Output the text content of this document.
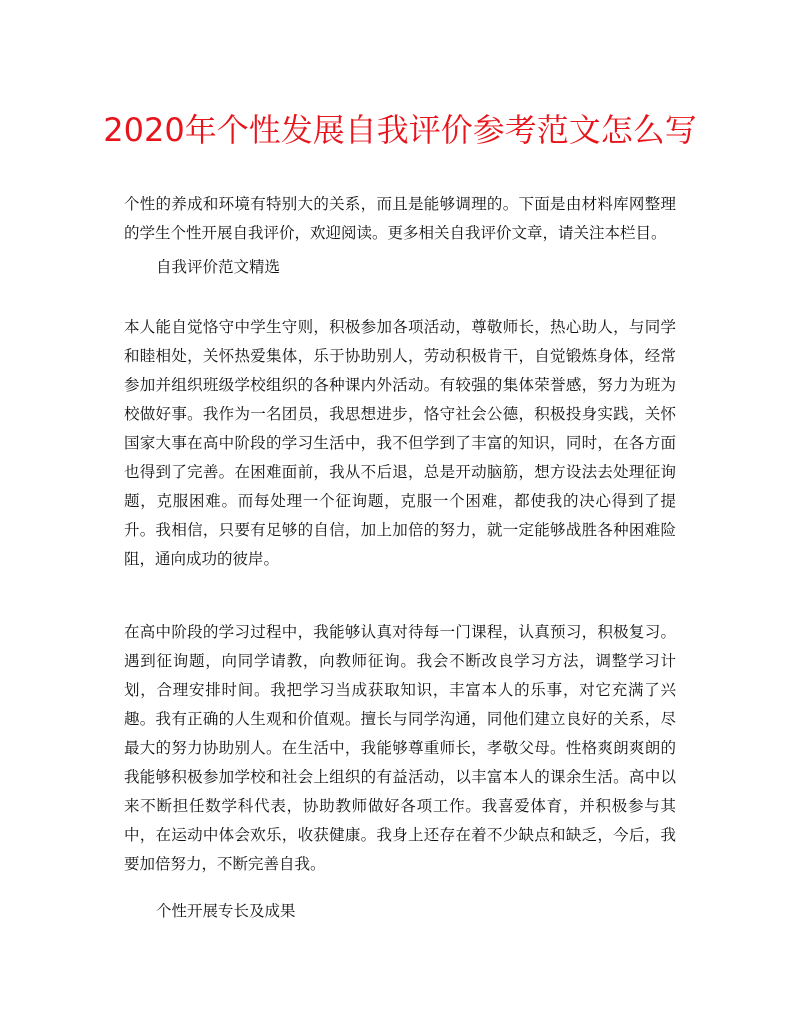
2020年个性发展自我评价参考范文怎么写

个性的养成和环境有特别大的关系，而且是能够调理的。下面是由材料库网整理的学生个性开展自我评价，欢迎阅读。更多相关自我评价文章，请关注本栏目。

自我评价范文精选

本人能自觉恪守中学生守则，积极参加各项活动，尊敬师长，热心助人，与同学和睦相处，关怀热爱集体，乐于协助别人，劳动积极肯干，自觉锻炼身体，经常参加并组织班级学校组织的各种课内外活动。有较强的集体荣誉感，努力为班为校做好事。我作为一名团员，我思想进步，恪守社会公德，积极投身实践，关怀国家大事在高中阶段的学习生活中，我不但学到了丰富的知识，同时，在各方面也得到了完善。在困难面前，我从不后退，总是开动脑筋，想方设法去处理征询题，克服困难。而每处理一个征询题，克服一个困难，都使我的决心得到了提升。我相信，只要有足够的自信，加上加倍的努力，就一定能够战胜各种困难险阻，通向成功的彼岸。

在高中阶段的学习过程中，我能够认真对待每一门课程，认真预习，积极复习。遇到征询题，向同学请教，向教师征询。我会不断改良学习方法，调整学习计划，合理安排时间。我把学习当成获取知识，丰富本人的乐事，对它充满了兴趣。我有正确的人生观和价值观。擅长与同学沟通，同他们建立良好的关系，尽最大的努力协助别人。在生活中，我能够尊重师长，孝敬父母。性格爽朗爽朗的我能够积极参加学校和社会上组织的有益活动，以丰富本人的课余生活。高中以来不断担任数学科代表，协助教师做好各项工作。我喜爱体育，并积极参与其中，在运动中体会欢乐，收获健康。我身上还存在着不少缺点和缺乏，今后，我要加倍努力，不断完善自我。

个性开展专长及成果
